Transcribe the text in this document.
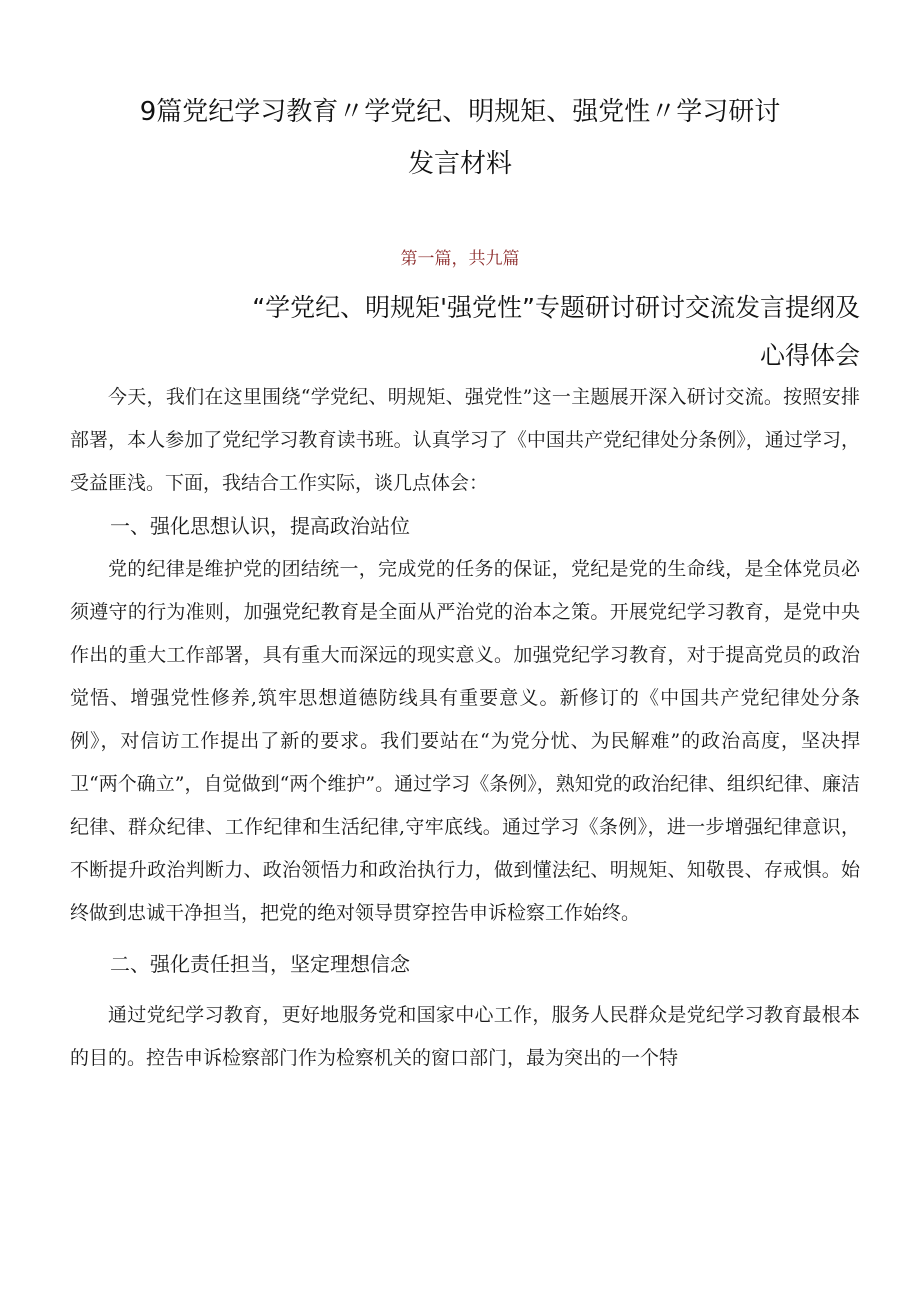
9篇党纪学习教育〃学党纪、明规矩、强党性〃学习研讨
发言材料
第一篇，共九篇
“学党纪、明规矩'强党性”专题研讨研讨交流发言提纲及
心得体会

今天，我们在这里围绕“学党纪、明规矩、强党性”这一主题展开深入研讨交流。按照安排部署，本人参加了党纪学习教育读书班。认真学习了《中国共产党纪律处分条例》，通过学习，受益匪浅。下面，我结合工作实际，谈几点体会：

一、强化思想认识，提高政治站位

党的纪律是维护党的团结统一，完成党的任务的保证，党纪是党的生命线，是全体党员必须遵守的行为准则，加强党纪教育是全面从严治党的治本之策。开展党纪学习教育，是党中央作出的重大工作部署，具有重大而深远的现实意义。加强党纪学习教育，对于提高党员的政治觉悟、增强党性修养,筑牢思想道德防线具有重要意义。新修订的《中国共产党纪律处分条例》，对信访工作提出了新的要求。我们要站在“为党分忧、为民解难”的政治高度，坚决捍卫“两个确立”，自觉做到“两个维护”。通过学习《条例》，熟知党的政治纪律、组织纪律、廉洁纪律、群众纪律、工作纪律和生活纪律,守牢底线。通过学习《条例》，进一步增强纪律意识，不断提升政治判断力、政治领悟力和政治执行力，做到懂法纪、明规矩、知敬畏、存戒惧。始终做到忠诚干净担当，把党的绝对领导贯穿控告申诉检察工作始终。

二、强化责任担当，坚定理想信念

通过党纪学习教育，更好地服务党和国家中心工作，服务人民群众是党纪学习教育最根本的目的。控告申诉检察部门作为检察机关的窗口部门，最为突出的一个特
